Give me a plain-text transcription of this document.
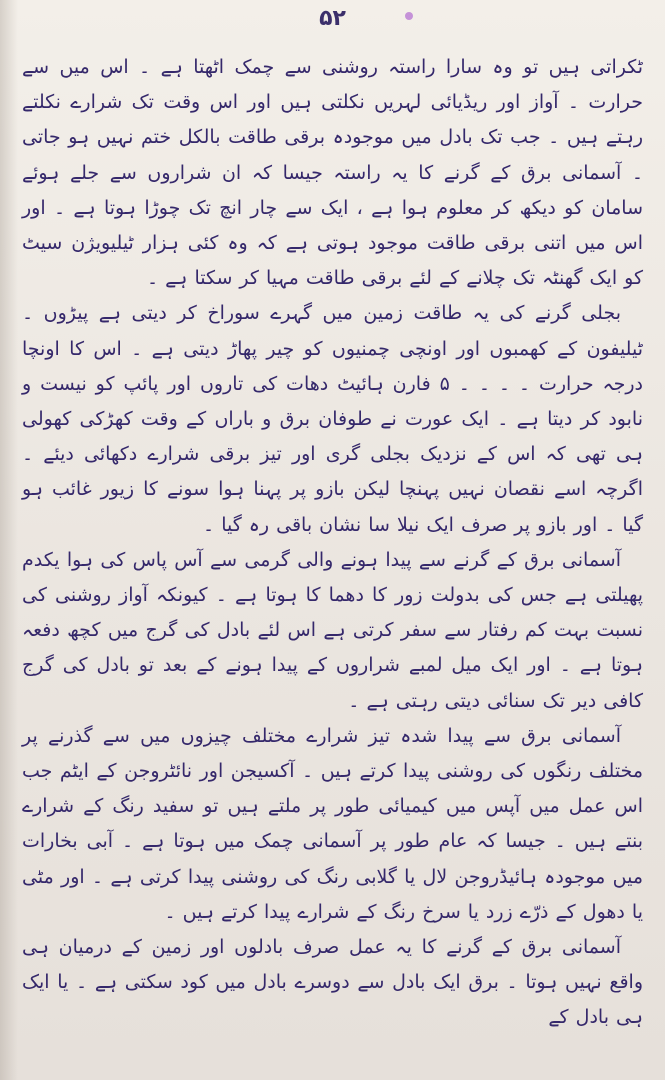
۵۲

ٹکراتی ہیں تو وہ سارا راستہ روشنی سے چمک اٹھتا ہے ۔ اس میں سے حرارت ۔ آواز اور ریڈیائی لہریں نکلتی ہیں اور اس وقت تک شرارے نکلتے رہتے ہیں ۔ جب تک بادل میں موجودہ برقی طاقت بالکل ختم نہیں ہو جاتی ۔ آسمانی برق کے گرنے کا یہ راستہ جیسا کہ ان شراروں سے جلے ہوئے سامان کو دیکھ کر معلوم ہوا ہے ، ایک سے چار انچ تک چوڑا ہوتا ہے ۔ اور اس میں اتنی برقی طاقت موجود ہوتی ہے کہ وہ کئی ہزار ٹیلیویژن سیٹ کو ایک گھنٹہ تک چلانے کے لئے برقی طاقت مہیا کر سکتا ہے ۔

بجلی گرنے کی یہ طاقت زمین میں گہرے سوراخ کر دیتی ہے پیڑوں ۔ ٹیلیفون کے کھمبوں اور اونچی چمنیوں کو چیر پھاڑ دیتی ہے ۔ اس کا اونچا درجہ حرارت ۔ ۔ ۔ ۔ ۵ فارن ہائیٹ دھات کی تاروں اور پائپ کو نیست و نابود کر دیتا ہے ۔ ایک عورت نے طوفان برق و باراں کے وقت کھڑکی کھولی ہی تھی کہ اس کے نزدیک بجلی گری اور تیز برقی شرارے دکھائی دیئے ۔ اگرچہ اسے نقصان نہیں پہنچا لیکن بازو پر پہنا ہوا سونے کا زیور غائب ہو گیا ۔ اور بازو پر صرف ایک نیلا سا نشان باقی رہ گیا ۔

آسمانی برق کے گرنے سے پیدا ہونے والی گرمی سے آس پاس کی ہوا یکدم پھیلتی ہے جس کی بدولت زور کا دھما کا ہوتا ہے ۔ کیونکہ آواز روشنی کی نسبت بہت کم رفتار سے سفر کرتی ہے اس لئے بادل کی گرج میں کچھ دفعہ ہوتا ہے ۔ اور ایک میل لمبے شراروں کے پیدا ہونے کے بعد تو بادل کی گرج کافی دیر تک سنائی دیتی رہتی ہے ۔

آسمانی برق سے پیدا شدہ تیز شرارے مختلف چیزوں میں سے گذرنے پر مختلف رنگوں کی روشنی پیدا کرتے ہیں ۔ آکسیجن اور نائٹروجن کے ایٹم جب اس عمل میں آپس میں کیمیائی طور پر ملتے ہیں تو سفید رنگ کے شرارے بنتے ہیں ۔ جیسا کہ عام طور پر آسمانی چمک میں ہوتا ہے ۔ آبی بخارات میں موجودہ ہائیڈروجن لال یا گلابی رنگ کی روشنی پیدا کرتی ہے ۔ اور مٹی یا دھول کے ذرّے زرد یا سرخ رنگ کے شرارے پیدا کرتے ہیں ۔

آسمانی برق کے گرنے کا یہ عمل صرف بادلوں اور زمین کے درمیان ہی واقع نہیں ہوتا ۔ برق ایک بادل سے دوسرے بادل میں کود سکتی ہے ۔ یا ایک ہی بادل کے
